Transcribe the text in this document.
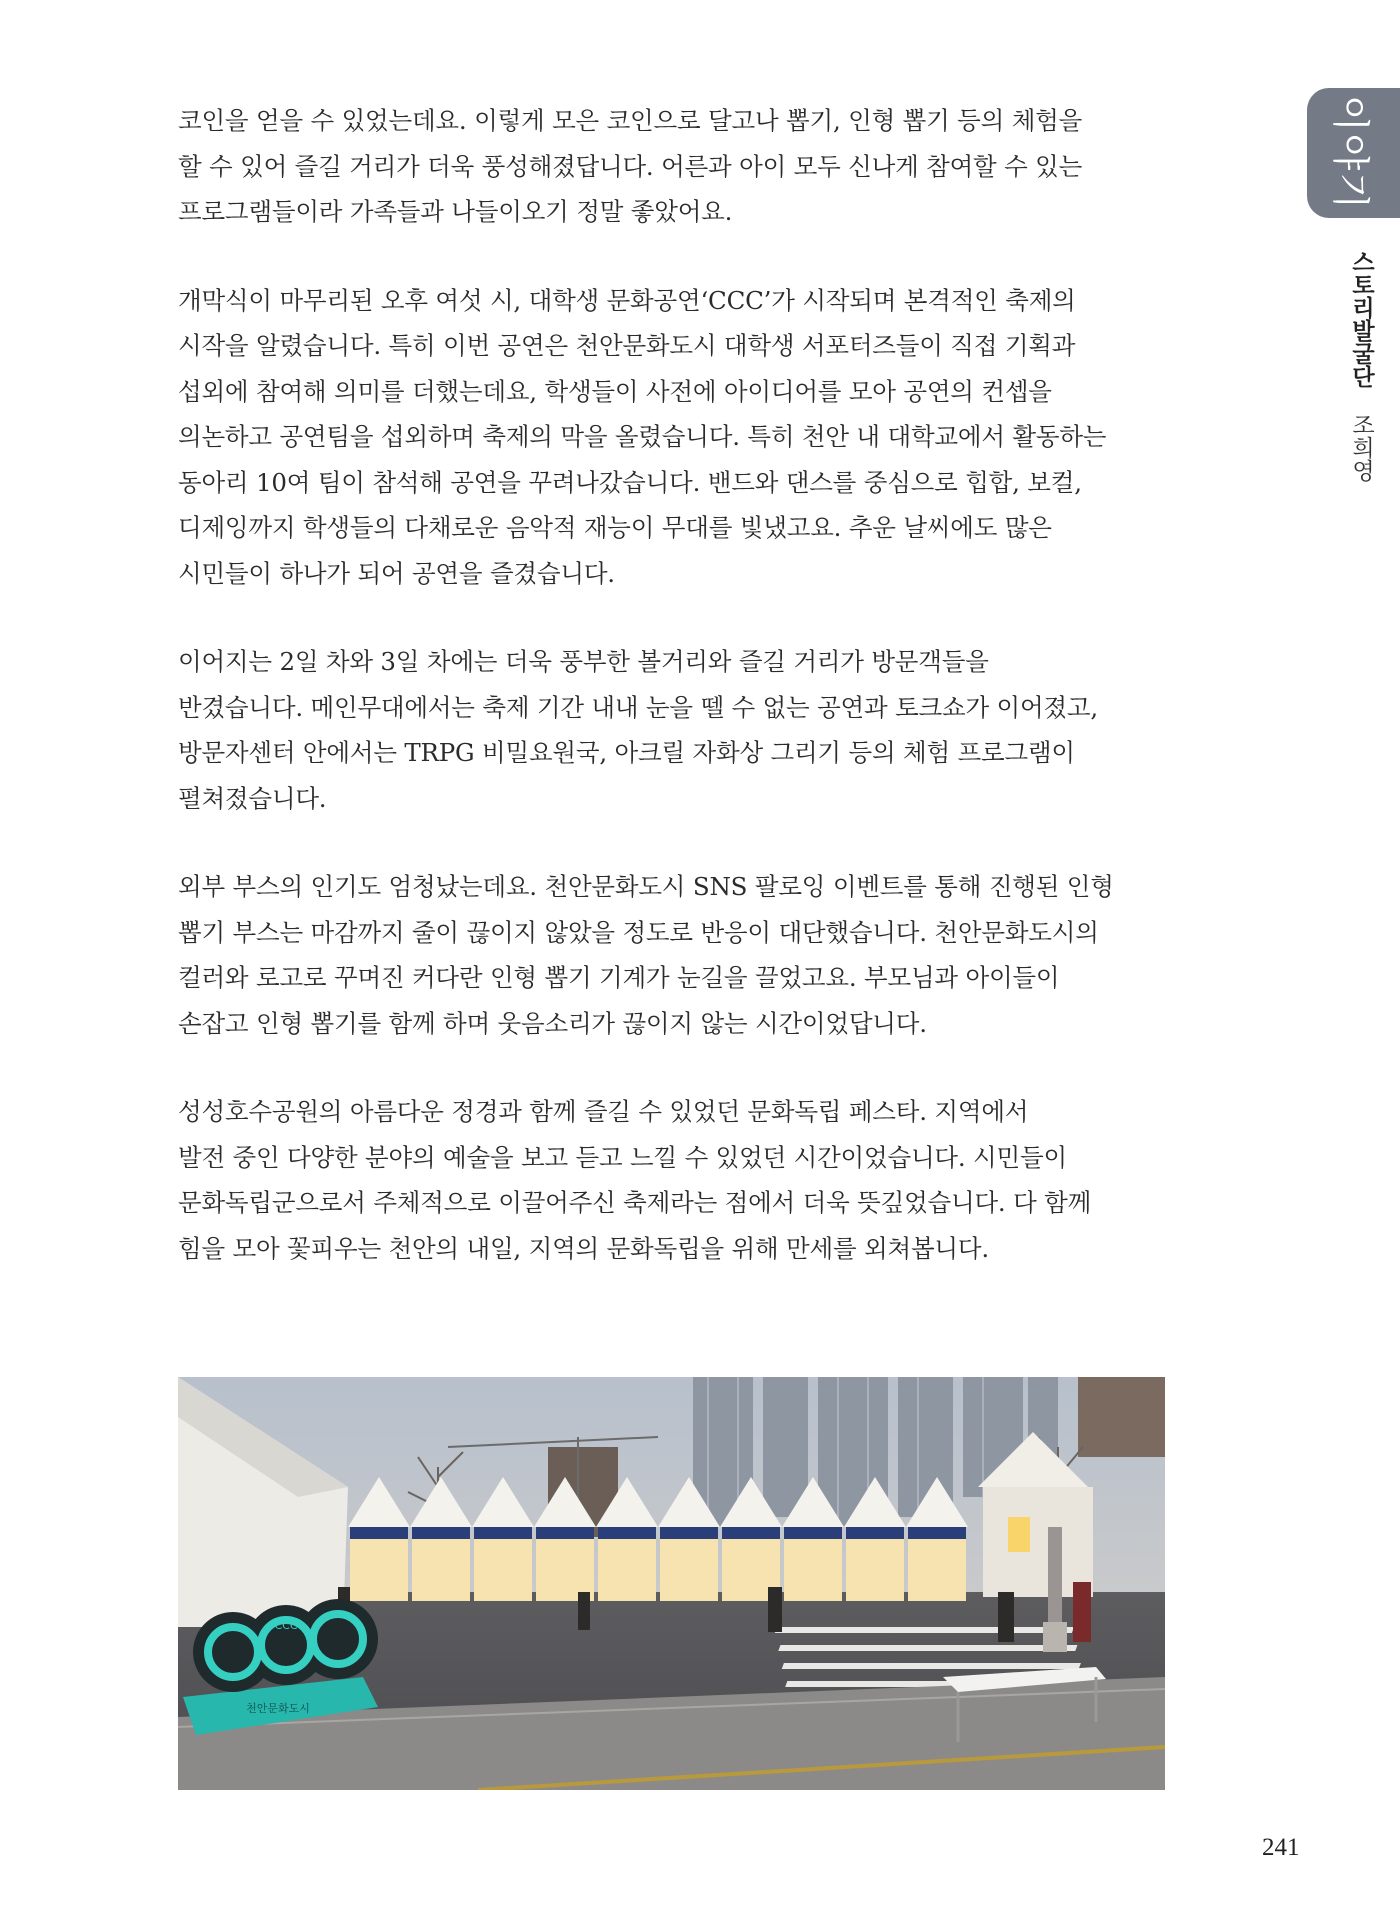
이야기
스토리발굴단 조희영
코인을 얻을 수 있었는데요. 이렇게 모은 코인으로 달고나 뽑기, 인형 뽑기 등의 체험을
할 수 있어 즐길 거리가 더욱 풍성해졌답니다. 어른과 아이 모두 신나게 참여할 수 있는
프로그램들이라 가족들과 나들이오기 정말 좋았어요.
개막식이 마무리된 오후 여섯 시, 대학생 문화공연‘CCC’가 시작되며 본격적인 축제의
시작을 알렸습니다. 특히 이번 공연은 천안문화도시 대학생 서포터즈들이 직접 기획과
섭외에 참여해 의미를 더했는데요, 학생들이 사전에 아이디어를 모아 공연의 컨셉을
의논하고 공연팀을 섭외하며 축제의 막을 올렸습니다. 특히 천안 내 대학교에서 활동하는
동아리 10여 팀이 참석해 공연을 꾸려나갔습니다. 밴드와 댄스를 중심으로 힙합, 보컬,
디제잉까지 학생들의 다채로운 음악적 재능이 무대를 빛냈고요. 추운 날씨에도 많은
시민들이 하나가 되어 공연을 즐겼습니다.
이어지는 2일 차와 3일 차에는 더욱 풍부한 볼거리와 즐길 거리가 방문객들을
반겼습니다. 메인무대에서는 축제 기간 내내 눈을 뗄 수 없는 공연과 토크쇼가 이어졌고,
방문자센터 안에서는 TRPG 비밀요원국, 아크릴 자화상 그리기 등의 체험 프로그램이
펼쳐졌습니다.
외부 부스의 인기도 엄청났는데요. 천안문화도시 SNS 팔로잉 이벤트를 통해 진행된 인형
뽑기 부스는 마감까지 줄이 끊이지 않았을 정도로 반응이 대단했습니다. 천안문화도시의
컬러와 로고로 꾸며진 커다란 인형 뽑기 기계가 눈길을 끌었고요. 부모님과 아이들이
손잡고 인형 뽑기를 함께 하며 웃음소리가 끊이지 않는 시간이었답니다.
성성호수공원의 아름다운 정경과 함께 즐길 수 있었던 문화독립 페스타. 지역에서
발전 중인 다양한 분야의 예술을 보고 듣고 느낄 수 있었던 시간이었습니다. 시민들이
문화독립군으로서 주체적으로 이끌어주신 축제라는 점에서 더욱 뜻깊었습니다. 다 함께
힘을 모아 꽃피우는 천안의 내일, 지역의 문화독립을 위해 만세를 외쳐봅니다.
CCC
천안문화도시
241
